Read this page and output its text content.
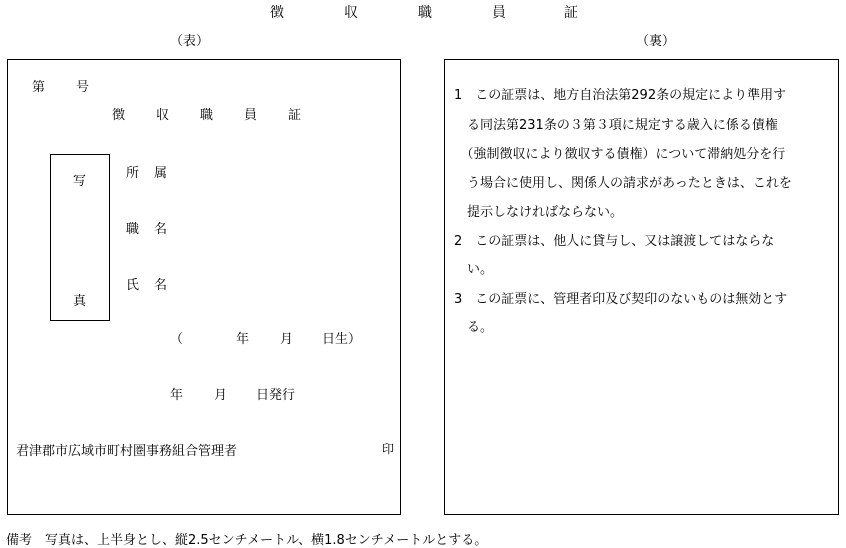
徴	収	職	員	証
（表）	（裏）
第 号
徴 収 職 員 証
写
真
所 属
職 名
氏 名
（	年 月 日生）
年 月 日発行
君津郡市広域市町村圏事務組合管理者	印
1　この証票は、地方自治法第292条の規定により準用す
　る同法第231条の３第３項に規定する歳入に係る債権
　（強制徴収により徴収する債権）について滞納処分を行
　う場合に使用し、関係人の請求があったときは、これを
　提示しなければならない。
2　この証票は、他人に貸与し、又は譲渡してはならな
　い。
3　この証票に、管理者印及び契印のないものは無効とす
　る。
備考　写真は、上半身とし、縦2.5センチメートル、横1.8センチメートルとする。
